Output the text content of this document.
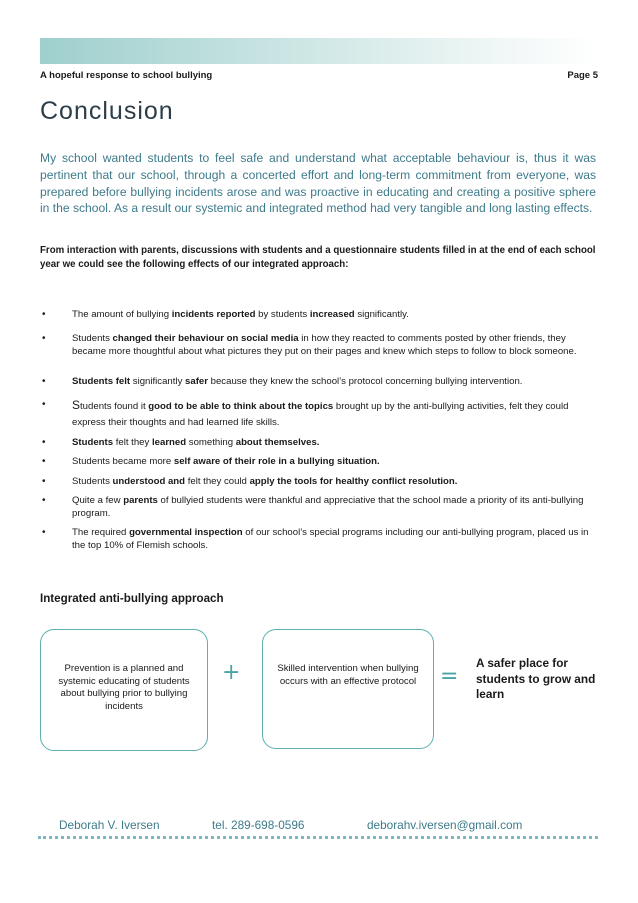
A hopeful response to school bullying	Page 5
Conclusion
My school wanted students to feel safe and understand what acceptable behaviour is, thus it was pertinent that our school, through a concerted effort and long-term commitment from everyone, was prepared before bullying incidents arose and was proactive in educating and creating a positive sphere in the school. As a result our systemic and integrated method had very tangible and long lasting effects.
From interaction with parents, discussions with students and a questionnaire students filled in at the end of each school year we could see the following effects of our integrated approach:
•	The amount of bullying incidents reported by students increased significantly.
•	Students changed their behaviour on social media in how they reacted to comments posted by other friends, they became more thoughtful about what pictures they put on their pages and knew which steps to follow to block someone.
•	Students felt significantly safer because they knew the school’s protocol concerning bullying intervention.
• Students found it good to be able to think about the topics brought up by the anti-bullying activities, felt they could express their thoughts and had learned life skills.
•	Students felt they learned something about themselves.
•	Students became more self aware of their role in a bullying situation.
•	Students understood and felt they could apply the tools for healthy conflict resolution.
•	Quite a few parents of bullyied students were thankful and appreciative that the school made a priority of its anti-bullying program.
•	The required governmental inspection of our school’s special programs including our anti-bullying program, placed us in the top 10% of Flemish schools.
Integrated anti-bullying approach
Prevention is a planned and systemic educating of students about bullying prior to bullying incidents
+	Skilled intervention when bullying occurs with an effective protocol	=
A safer place for students to grow and learn
Deborah V. Iversen	tel. 289-698-0596	deborahv.iversen@gmail.com
